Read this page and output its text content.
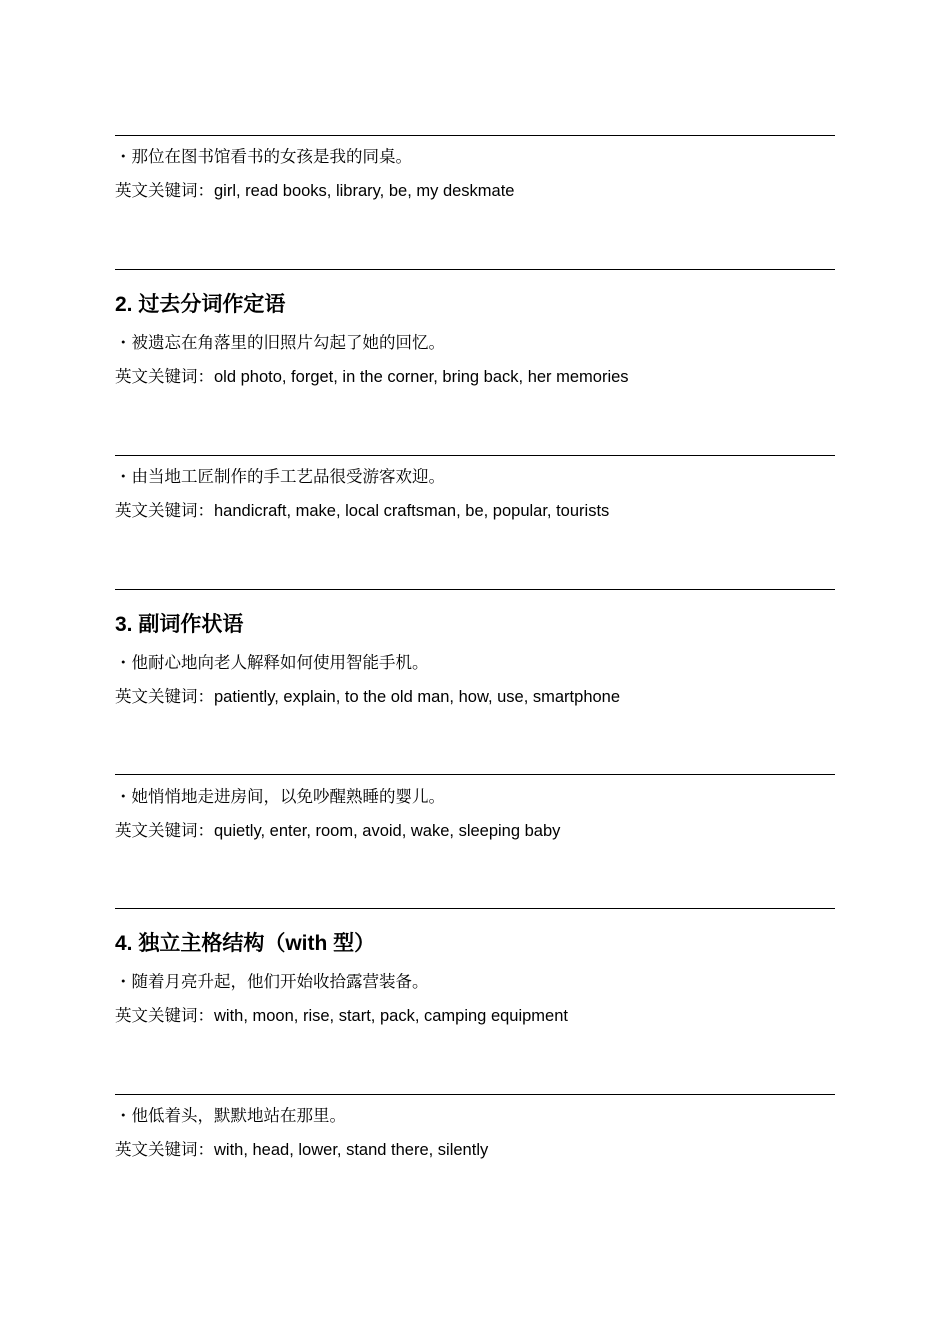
・那位在图书馆看书的女孩是我的同桌。
英文关键词：girl, read books, library, be, my deskmate
2. 过去分词作定语
・被遗忘在角落里的旧照片勾起了她的回忆。
英文关键词：old photo, forget, in the corner, bring back, her memories
・由当地工匠制作的手工艺品很受游客欢迎。
英文关键词：handicraft, make, local craftsman, be, popular, tourists
3. 副词作状语
・他耐心地向老人解释如何使用智能手机。
英文关键词：patiently, explain, to the old man, how, use, smartphone
・她悄悄地走进房间，以免吵醒熟睡的婴儿。
英文关键词：quietly, enter, room, avoid, wake, sleeping baby
4. 独立主格结构（with 型）
・随着月亮升起，他们开始收拾露营装备。
英文关键词：with, moon, rise, start, pack, camping equipment
・他低着头，默默地站在那里。
英文关键词：with, head, lower, stand there, silently
